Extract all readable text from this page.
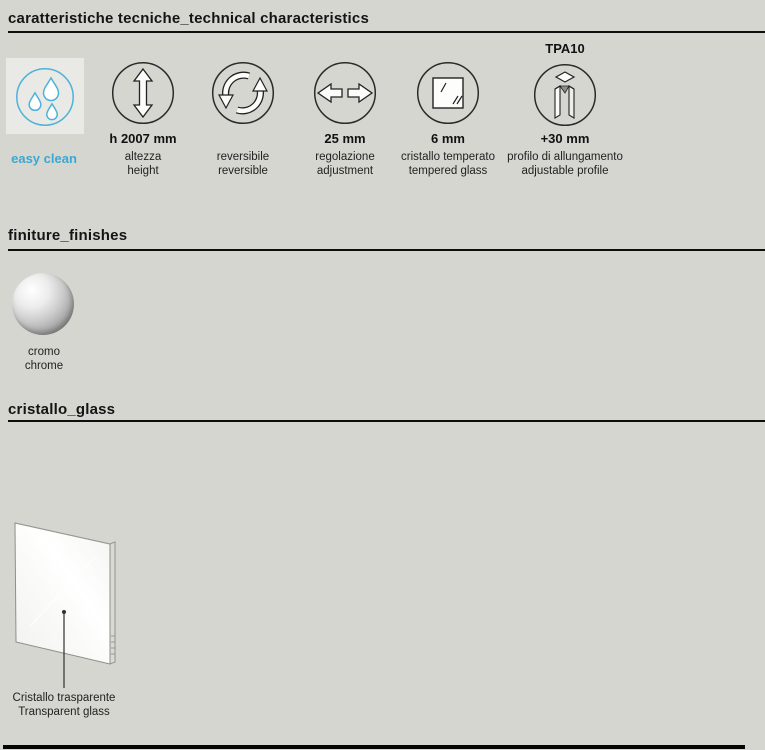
caratteristiche tecniche_technical characteristics
easy clean
h 2007 mm
altezza
height
reversibile
reversible
25 mm
regolazione
adjustment
6 mm
cristallo temperato
tempered glass
TPA10
+30 mm
profilo di allungamento
adjustable profile
finiture_finishes
cromo
chrome
cristallo_glass
Cristallo trasparente
Transparent glass
